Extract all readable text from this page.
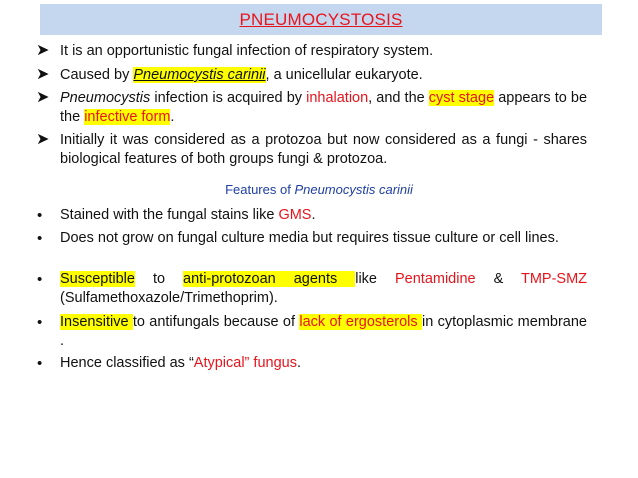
PNEUMOCYSTOSIS
➤ It is an opportunistic fungal infection of respiratory system.
➤ Caused by Pneumocystis carinii, a unicellular eukaryote.
➤ Pneumocystis infection is acquired by inhalation, and the cyst stage appears to be the infective form.
➤ Initially it was considered as a protozoa but now considered as a fungi - shares biological features of both groups fungi & protozoa.
Features of Pneumocystis carinii
• Stained with the fungal stains like GMS.
• Does not grow on fungal culture media but requires tissue culture or cell lines.
• Susceptible to anti-protozoan agents like Pentamidine & TMP-SMZ (Sulfamethoxazole/Trimethoprim).
• Insensitive to antifungals because of lack of ergosterols in cytoplasmic membrane .
• Hence classified as “Atypical” fungus.
